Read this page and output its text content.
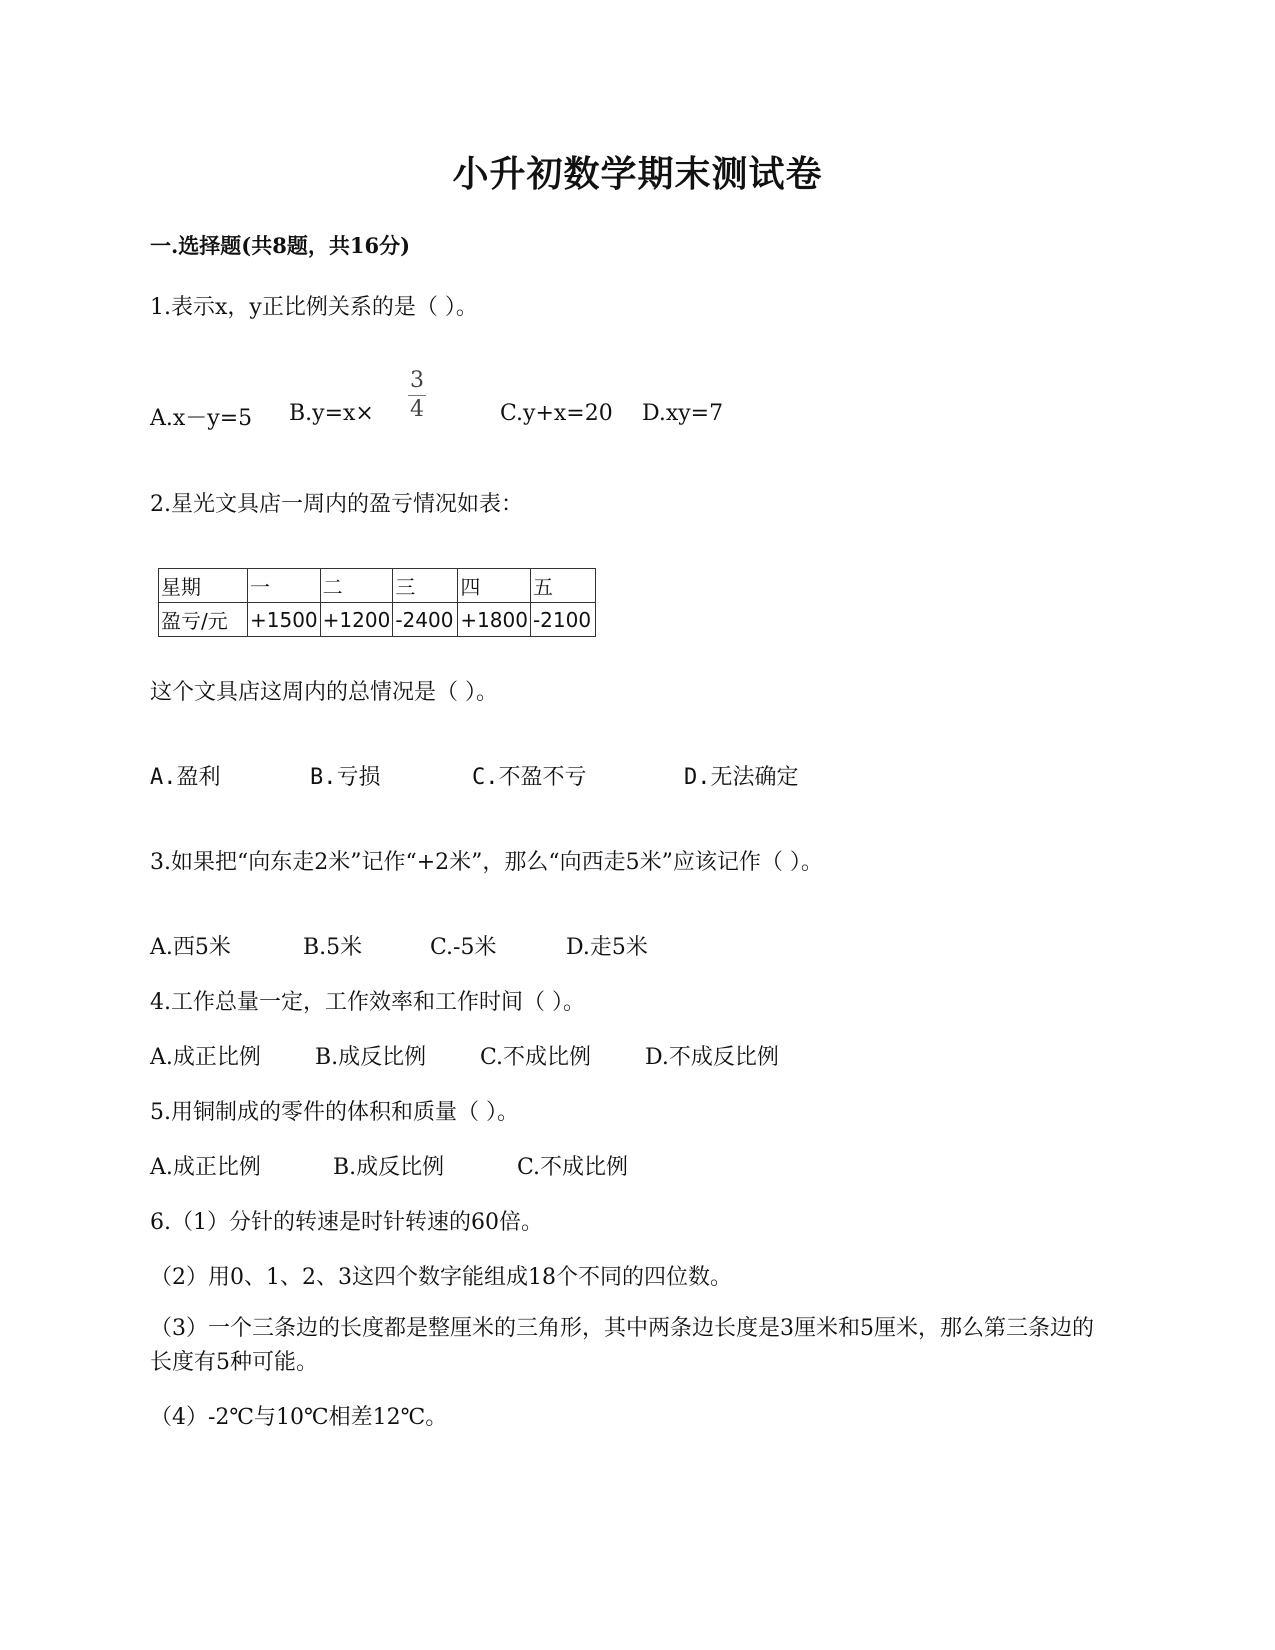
小升初数学期末测试卷
一.选择题(共8题，共16分)
1.表示x，y正比例关系的是（ ）。
A.x－y=5 B.y=x×
3
4	C.y+x=20 D.xy=7
2.星光文具店一周内的盈亏情况如表：
星期	一	二	三	四	五
盈亏/元	+1500	+1200	-2400	+1800	-2100
这个文具店这周内的总情况是（ ）。
A.盈利	B.亏损	C.不盈不亏	D.无法确定
3.如果把“向东走2米”记作“+2米”，那么“向西走5米”应该记作（ ）。
A.西5米	B.5米	C.-5米	D.走5米
4.工作总量一定，工作效率和工作时间（ ）。
A.成正比例 B.成反比例 C.不成比例 D.不成反比例
5.用铜制成的零件的体积和质量（ ）。
A.成正比例	B.成反比例	C.不成比例
6.（1）分针的转速是时针转速的60倍。
（2）用0、1、2、3这四个数字能组成18个不同的四位数。
（3）一个三条边的长度都是整厘米的三角形，其中两条边长度是3厘米和5厘米，那么第三条边的长度有5种可能。
（4）-2℃与10℃相差12℃。
